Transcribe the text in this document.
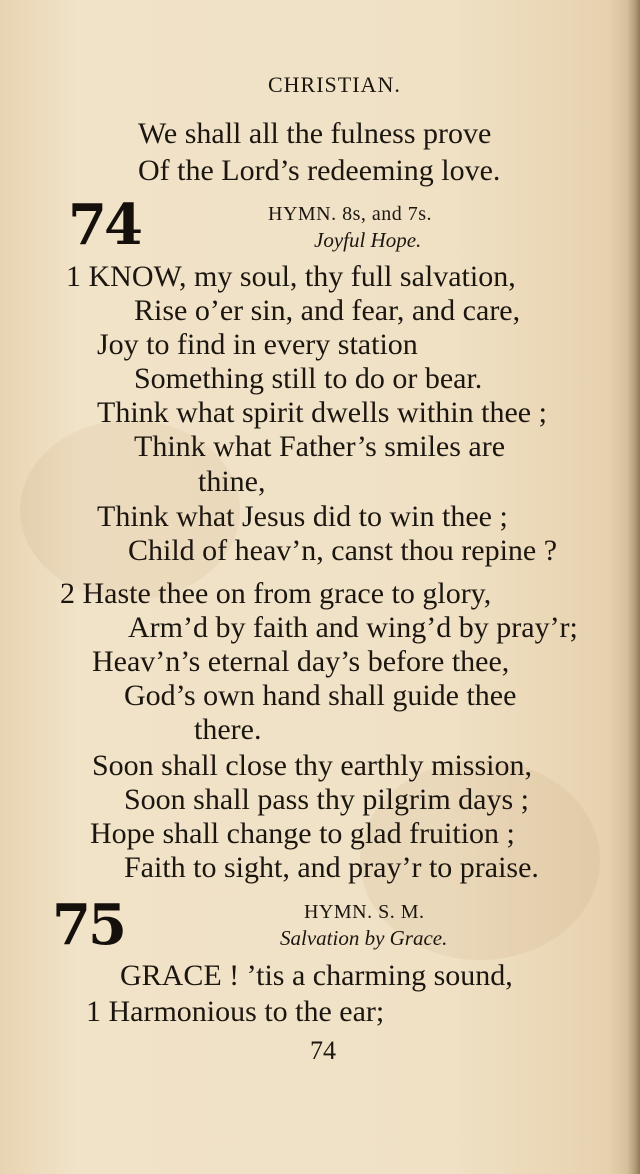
CHRISTIAN.
We shall all the fulness prove
Of the Lord’s redeeming love.
74	HYMN. 8s, and 7s.
Joyful Hope.
1 KNOW, my soul, thy full salvation,
Rise o’er sin, and fear, and care,
Joy to find in every station
Something still to do or bear.
Think what spirit dwells within thee ;
Think what Father’s smiles are
thine,
Think what Jesus did to win thee ;
Child of heav’n, canst thou repine ?
2 Haste thee on from grace to glory,
Arm’d by faith and wing’d by pray’r;
Heav’n’s eternal day’s before thee,
God’s own hand shall guide thee
there.
Soon shall close thy earthly mission,
Soon shall pass thy pilgrim days ;
Hope shall change to glad fruition ;
Faith to sight, and pray’r to praise.
75	HYMN. S. M.
Salvation by Grace.
GRACE ! ’tis a charming sound,
1 Harmonious to the ear;
74
